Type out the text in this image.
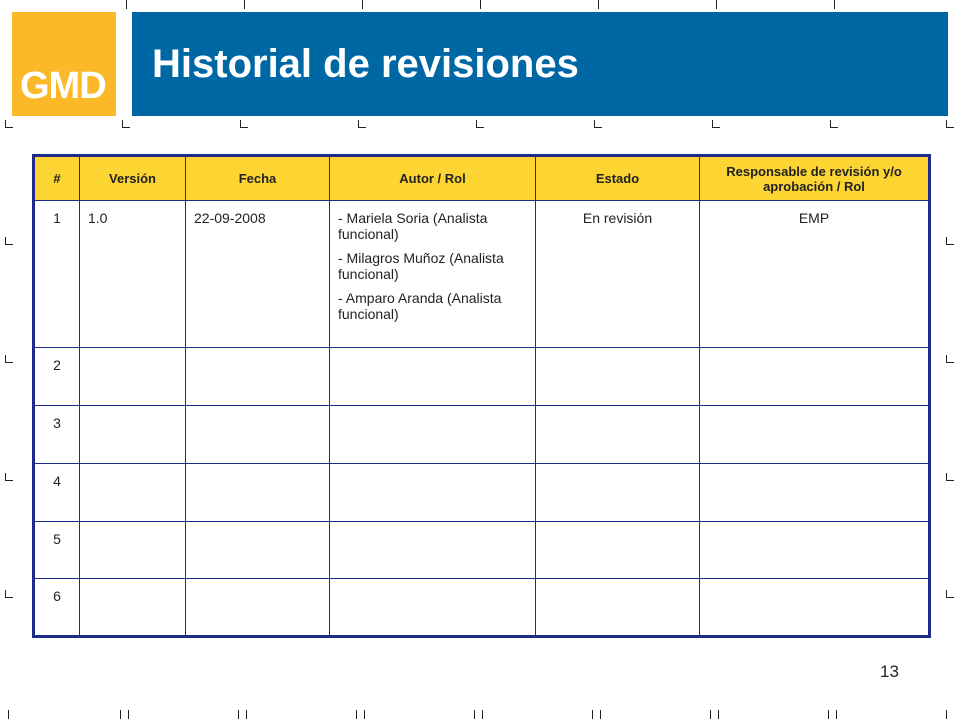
GMD Historial de revisiones
#	Versión	Fecha	Autor / Rol	Estado	Responsable de revisión y/o aprobación / Rol
1	1.0	22-09-2008	- Mariela Soria (Analista funcional)
- Milagros Muñoz (Analista funcional)
- Amparo Aranda (Analista funcional)	En revisión	EMP
2					
3					
4					
5					
6					
13
